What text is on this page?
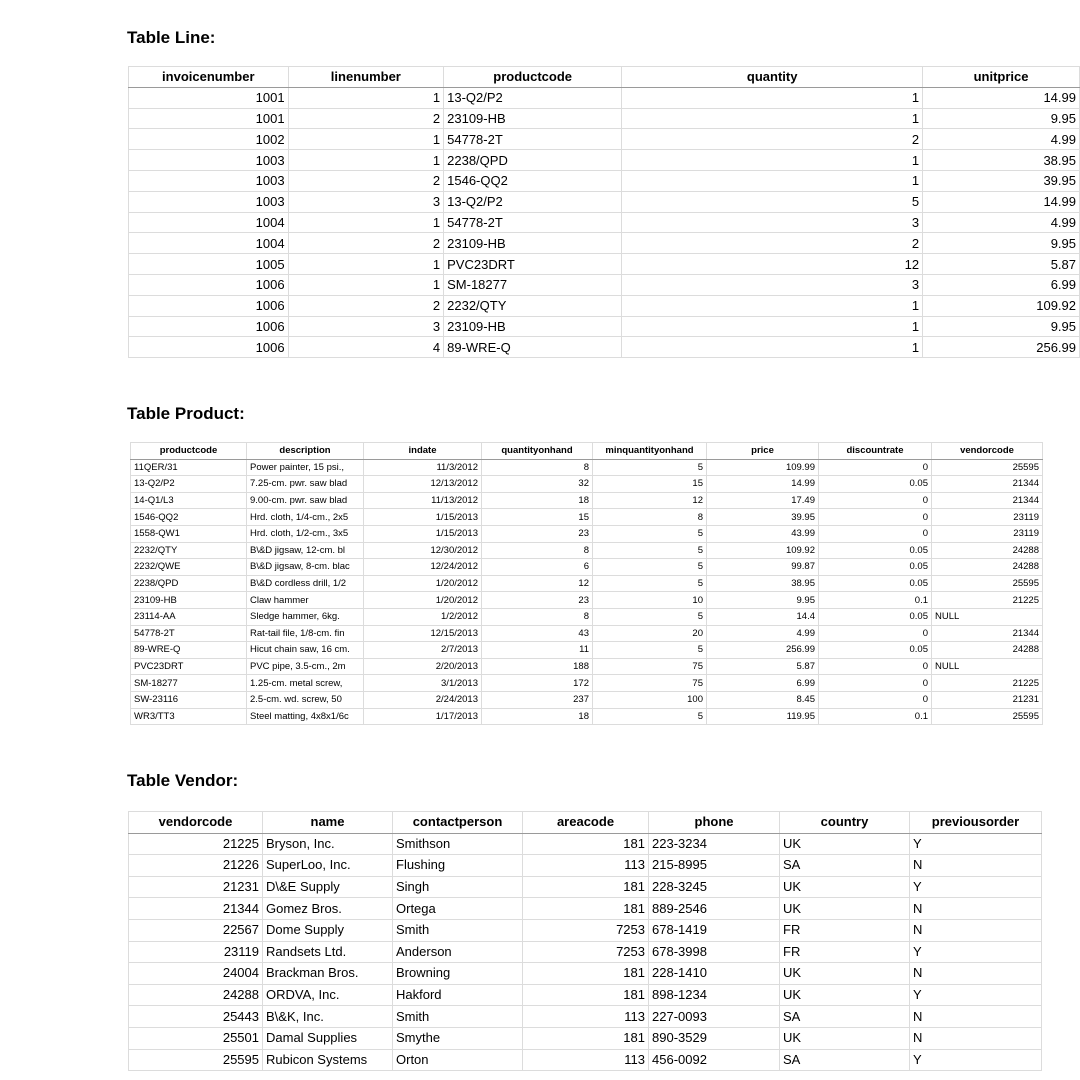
Table Line:
invoicenumber	linenumber	productcode	quantity	unitprice
1001	1	13-Q2/P2	1	14.99
1001	2	23109-HB	1	9.95
1002	1	54778-2T	2	4.99
1003	1	2238/QPD	1	38.95
1003	2	1546-QQ2	1	39.95
1003	3	13-Q2/P2	5	14.99
1004	1	54778-2T	3	4.99
1004	2	23109-HB	2	9.95
1005	1	PVC23DRT	12	5.87
1006	1	SM-18277	3	6.99
1006	2	2232/QTY	1	109.92
1006	3	23109-HB	1	9.95
1006	4	89-WRE-Q	1	256.99
Table Product:
productcode	description	indate	quantityonhand	minquantityonhand	price	discountrate	vendorcode
11QER/31	Power painter, 15 psi.,	11/3/2012	8	5	109.99	0	25595
13-Q2/P2	7.25-cm. pwr. saw blad	12/13/2012	32	15	14.99	0.05	21344
14-Q1/L3	9.00-cm. pwr. saw blad	11/13/2012	18	12	17.49	0	21344
1546-QQ2	Hrd. cloth, 1/4-cm., 2x5	1/15/2013	15	8	39.95	0	23119
1558-QW1	Hrd. cloth, 1/2-cm., 3x5	1/15/2013	23	5	43.99	0	23119
2232/QTY	B\&D jigsaw, 12-cm. bl	12/30/2012	8	5	109.92	0.05	24288
2232/QWE	B\&D jigsaw, 8-cm. blac	12/24/2012	6	5	99.87	0.05	24288
2238/QPD	B\&D cordless drill, 1/2	1/20/2012	12	5	38.95	0.05	25595
23109-HB	Claw hammer	1/20/2012	23	10	9.95	0.1	21225
23114-AA	Sledge hammer, 6kg.	1/2/2012	8	5	14.4	0.05	NULL
54778-2T	Rat-tail file, 1/8-cm. fin	12/15/2013	43	20	4.99	0	21344
89-WRE-Q	Hicut chain saw, 16 cm.	2/7/2013	11	5	256.99	0.05	24288
PVC23DRT	PVC pipe, 3.5-cm., 2m	2/20/2013	188	75	5.87	0	NULL
SM-18277	1.25-cm. metal screw,	3/1/2013	172	75	6.99	0	21225
SW-23116	2.5-cm. wd. screw, 50	2/24/2013	237	100	8.45	0	21231
WR3/TT3	Steel matting, 4x8x1/6c	1/17/2013	18	5	119.95	0.1	25595
Table Vendor:
vendorcode	name	contactperson	areacode	phone	country	previousorder
21225	Bryson, Inc.	Smithson	181	223-3234	UK	Y
21226	SuperLoo, Inc.	Flushing	113	215-8995	SA	N
21231	D\&E Supply	Singh	181	228-3245	UK	Y
21344	Gomez Bros.	Ortega	181	889-2546	UK	N
22567	Dome Supply	Smith	7253	678-1419	FR	N
23119	Randsets Ltd.	Anderson	7253	678-3998	FR	Y
24004	Brackman Bros.	Browning	181	228-1410	UK	N
24288	ORDVA, Inc.	Hakford	181	898-1234	UK	Y
25443	B\&K, Inc.	Smith	113	227-0093	SA	N
25501	Damal Supplies	Smythe	181	890-3529	UK	N
25595	Rubicon Systems	Orton	113	456-0092	SA	Y
